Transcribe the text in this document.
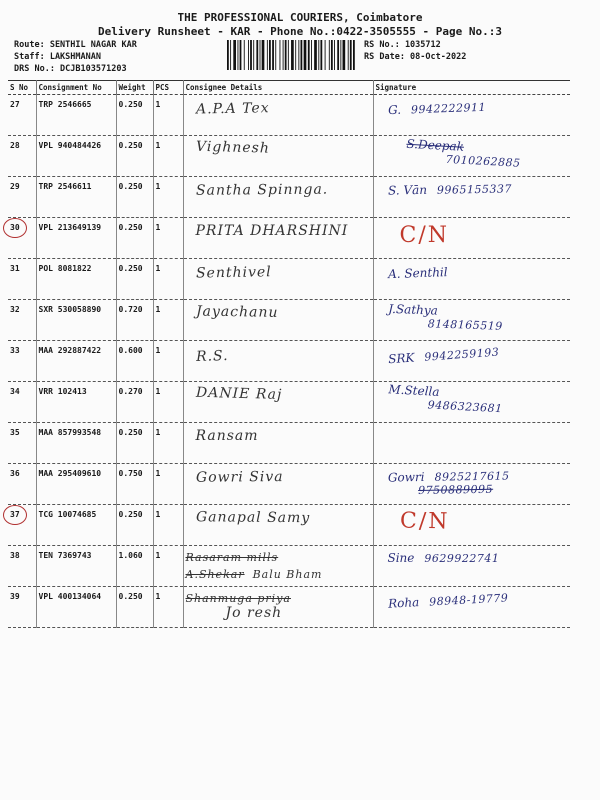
THE PROFESSIONAL COURIERS, Coimbatore
Delivery Runsheet - KAR - Phone No.:0422-3505555 - Page No.:3
Route: SENTHIL NAGAR KAR
Staff: LAKSHMANAN
DRS No.: DCJB103571203
RS No.: 1035712
RS Date: 08-Oct-2022
S No	Consignment No	Weight	PCS	Consignee Details	Signature
27	TRP 2546665	0.250	1	A.P.A Tex	G. 9942222911

28	VPL 940484426	0.250	1	Vighnesh	S.Deepak
7010262885

29	TRP 2546611	0.250	1	Santha Spinnga.	S. Vān 9965155337

30	VPL 213649139	0.250	1	PRITA DHARSHINI	C/N

31	POL 8081822	0.250	1	Senthivel	A. Senthil

32	SXR 530058890	0.720	1	Jayachanu	J.Sathya
8148165519

33	MAA 292887422	0.600	1	R.S.	SRK 9942259193

34	VRR 102413	0.270	1	DANIE Raj	M.Stella
9486323681

35	MAA 857993548	0.250	1	Ransam	

36	MAA 295409610	0.750	1	Gowri Siva	Gowri 8925217615
9750889095

37	TCG 10074685	0.250	1	Ganapal Samy	C/N

38	TEN 7369743	1.060	1	Rasaram mills
A.Shekar Balu Bham	Sine 9629922741

39	VPL 400134064	0.250	1	Shanmuga priya
Jo resh	Roha 98948-19779
